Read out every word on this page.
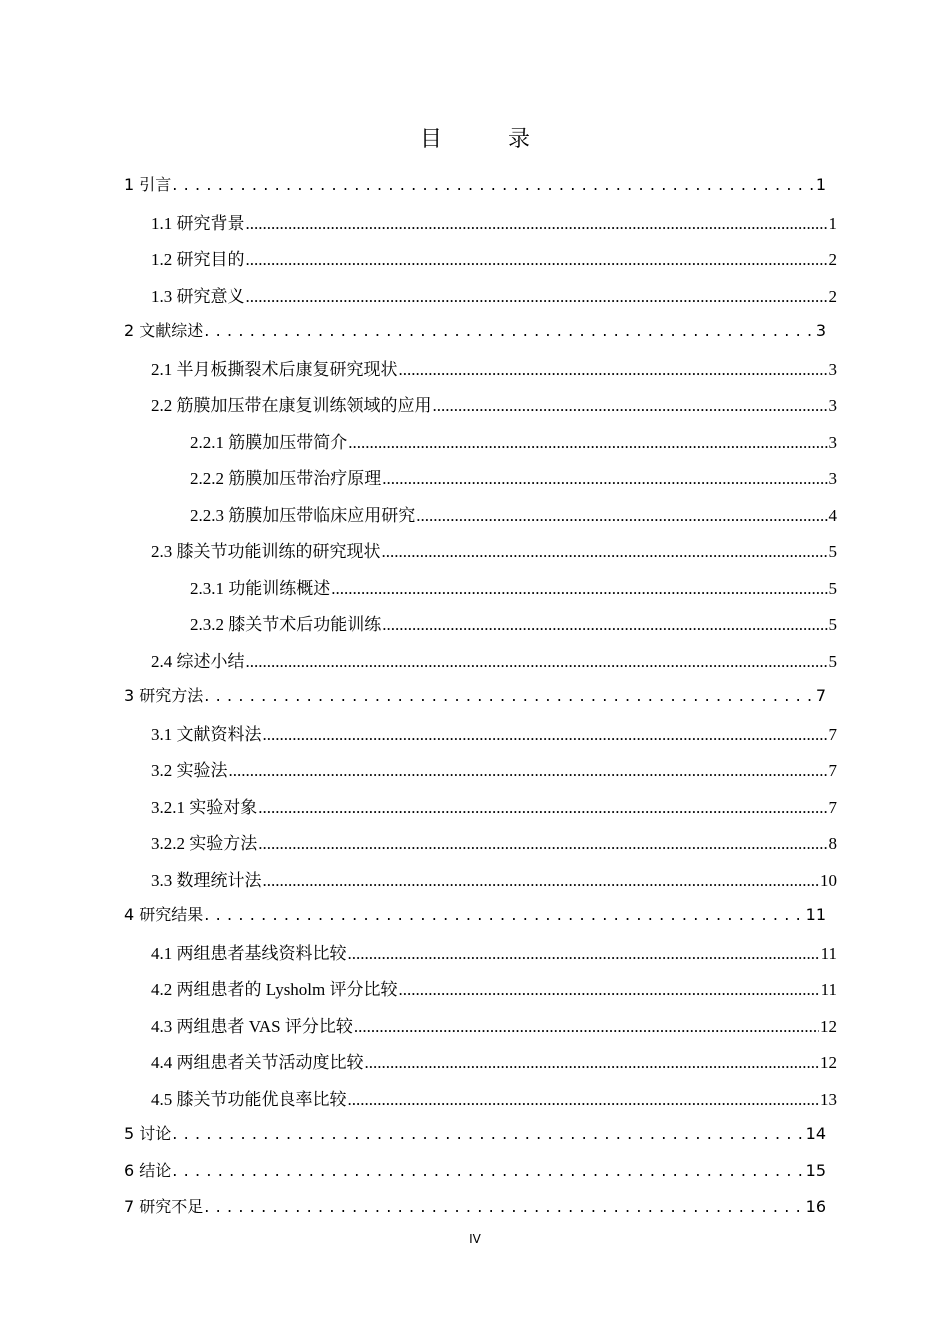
目　录
1 引言 . . .	1
1.1 研究背景 .....	1
1.2 研究目的 .....	2
1.3 研究意义 .....	2
2 文献综述 . . .	3
2.1 半月板撕裂术后康复研究现状 .....	3
2.2 筋膜加压带在康复训练领域的应用 .....	3
2.2.1 筋膜加压带简介 .....	3
2.2.2 筋膜加压带治疗原理 .....	3
2.2.3 筋膜加压带临床应用研究 .....	4
2.3 膝关节功能训练的研究现状 .....	5
2.3.1 功能训练概述 .....	5
2.3.2 膝关节术后功能训练 .....	5
2.4 综述小结 .....	5
3 研究方法 . . .	7
3.1 文献资料法 .....	7
3.2 实验法 .....	7
3.2.1 实验对象 .....	7
3.2.2 实验方法 .....	8
3.3 数理统计法 .....	10
4 研究结果 . . .	11
4.1 两组患者基线资料比较 .....	11
4.2 两组患者的 Lysholm 评分比较 .....	11
4.3 两组患者 VAS 评分比较 .....	12
4.4 两组患者关节活动度比较 .....	12
4.5 膝关节功能优良率比较 .....	13
5 讨论 . . .	14
6 结论 . . .	15
7 研究不足 . . .	16
IV
